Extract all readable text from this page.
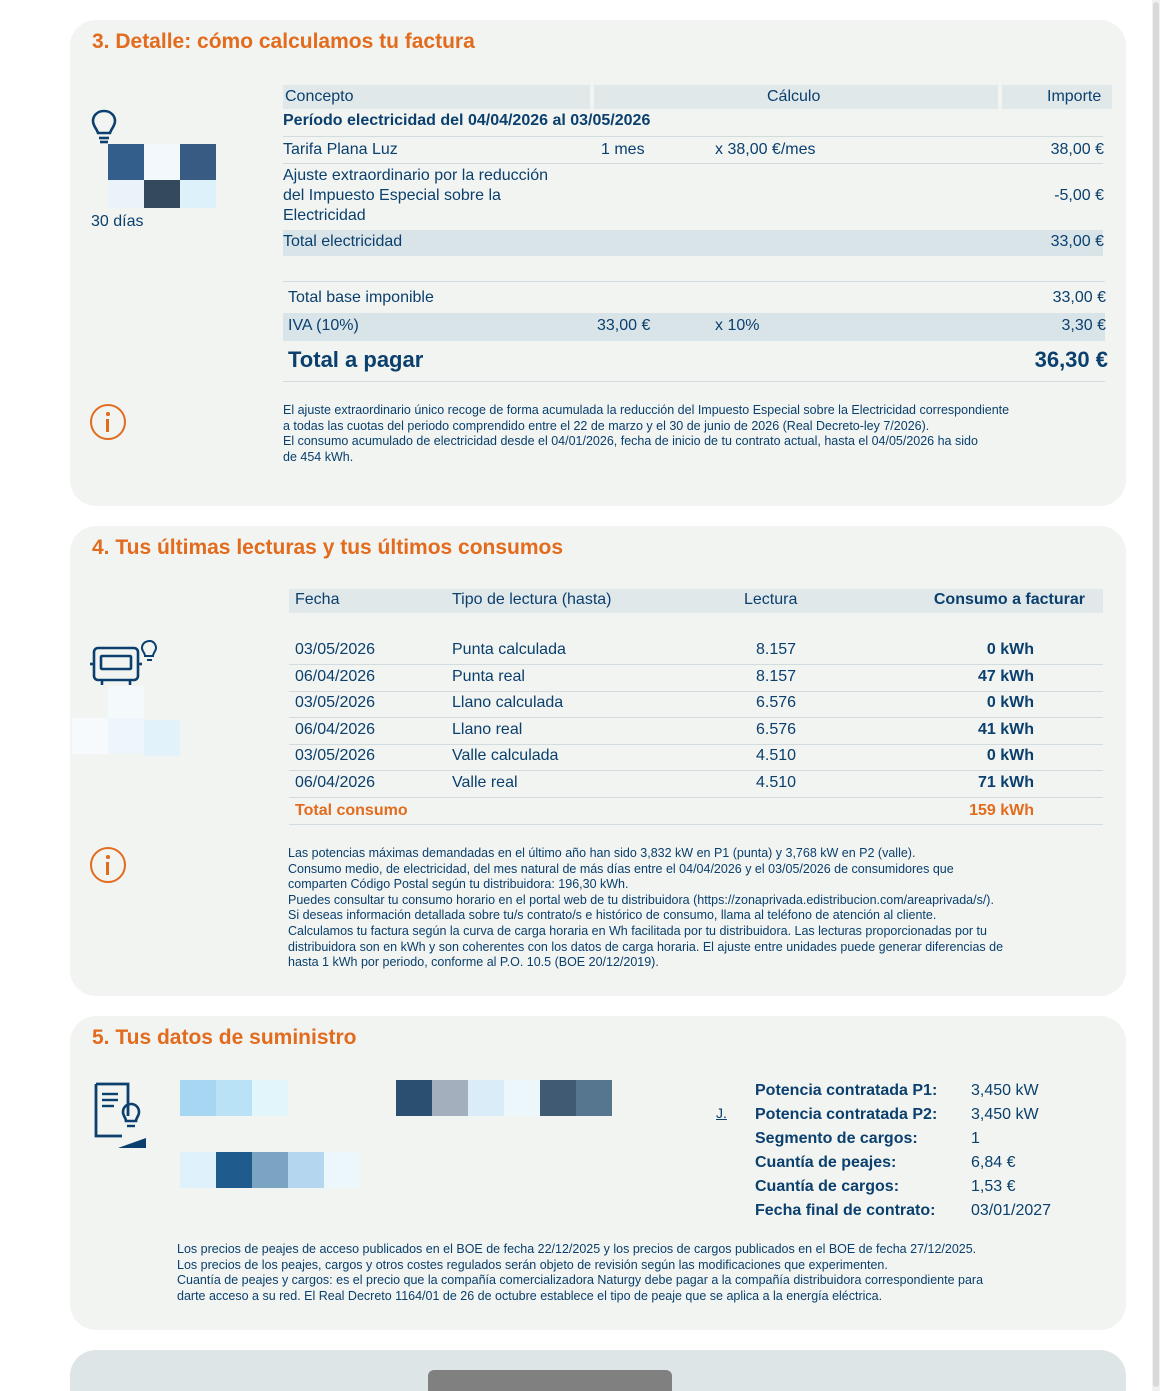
3. Detalle: cómo calculamos tu factura
30 días
Concepto	Cálculo	Importe
Período electricidad del 04/04/2026 al 03/05/2026
Tarifa Plana Luz	1 mes	x 38,00 €/mes	38,00 €
Ajuste extraordinario por la reducción
del Impuesto Especial sobre la
Electricidad
-5,00 €
Total electricidad	33,00 €
Total base imponible	33,00 €
IVA (10%)	33,00 €	x 10%	3,30 €
Total a pagar	36,30 €
El ajuste extraordinario único recoge de forma acumulada la reducción del Impuesto Especial sobre la Electricidad correspondiente
a todas las cuotas del periodo comprendido entre el 22 de marzo y el 30 de junio de 2026 (Real Decreto-ley 7/2026).
El consumo acumulado de electricidad desde el 04/01/2026, fecha de inicio de tu contrato actual, hasta el 04/05/2026 ha sido
de 454 kWh.
4. Tus últimas lecturas y tus últimos consumos
Fecha	Tipo de lectura (hasta)	Lectura	Consumo a facturar
03/05/2026	Punta calculada	8.157	0 kWh
06/04/2026	Punta real	8.157	47 kWh
03/05/2026	Llano calculada	6.576	0 kWh
06/04/2026	Llano real	6.576	41 kWh
03/05/2026	Valle calculada	4.510	0 kWh
06/04/2026	Valle real	4.510	71 kWh
Total consumo	159 kWh
Las potencias máximas demandadas en el último año han sido 3,832 kW en P1 (punta) y 3,768 kW en P2 (valle).
Consumo medio, de electricidad, del mes natural de más días entre el 04/04/2026 y el 03/05/2026 de consumidores que
comparten Código Postal según tu distribuidora: 196,30 kWh.
Puedes consultar tu consumo horario en el portal web de tu distribuidora (https://zonaprivada.edistribucion.com/areaprivada/s/).
Si deseas información detallada sobre tu/s contrato/s e histórico de consumo, llama al teléfono de atención al cliente.
Calculamos tu factura según la curva de carga horaria en Wh facilitada por tu distribuidora. Las lecturas proporcionadas por tu
distribuidora son en kWh y son coherentes con los datos de carga horaria. El ajuste entre unidades puede generar diferencias de
hasta 1 kWh por periodo, conforme al P.O. 10.5 (BOE 20/12/2019).
5. Tus datos de suministro
J.
Potencia contratada P1: 3,450 kW
Potencia contratada P2: 3,450 kW
Segmento de cargos:	1
Cuantía de peajes:	6,84 €
Cuantía de cargos:	1,53 €
Fecha final de contrato: 03/01/2027
Los precios de peajes de acceso publicados en el BOE de fecha 22/12/2025 y los precios de cargos publicados en el BOE de fecha 27/12/2025.
Los precios de los peajes, cargos y otros costes regulados serán objeto de revisión según las modificaciones que experimenten.
Cuantía de peajes y cargos: es el precio que la compañía comercializadora Naturgy debe pagar a la compañía distribuidora correspondiente para
darte acceso a su red. El Real Decreto 1164/01 de 26 de octubre establece el tipo de peaje que se aplica a la energía eléctrica.
